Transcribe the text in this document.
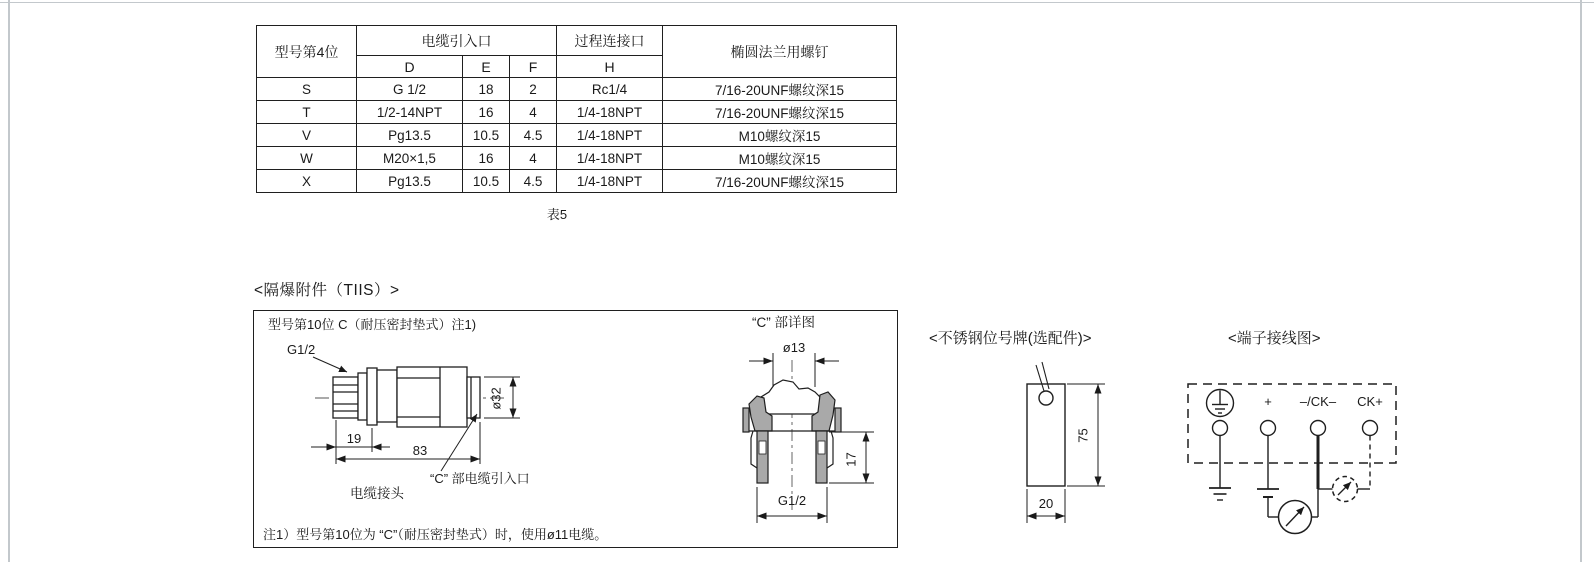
型号第4位	电缆引入口			过程连接口	椭圆法兰用螺钉
	D	E	F	H	
S	G 1/2	18	2	Rc1/4	7/16-20UNF螺纹深15
T	1/2-14NPT	16	4	1/4-18NPT	7/16-20UNF螺纹深15
V	Pg13.5	10.5	4.5	1/4-18NPT	M10螺纹深15
W	M20×1,5	16	4	1/4-18NPT	M10螺纹深15
X	Pg13.5	10.5	4.5	1/4-18NPT	7/16-20UNF螺纹深15
表5
<隔爆附件（TIIS）>
型号第10位 C（耐压密封垫式）注1)	“C” 部详图
G1/2
ø32
19
83
电缆接头
“C” 部电缆引入口
ø13
17
G1/2
注1）型号第10位为 “C”（耐压密封垫式）时，使用ø11电缆。
<不锈钢位号牌(选配件)>
75
20
<端子接线图>
+	–/CK–	CK+
